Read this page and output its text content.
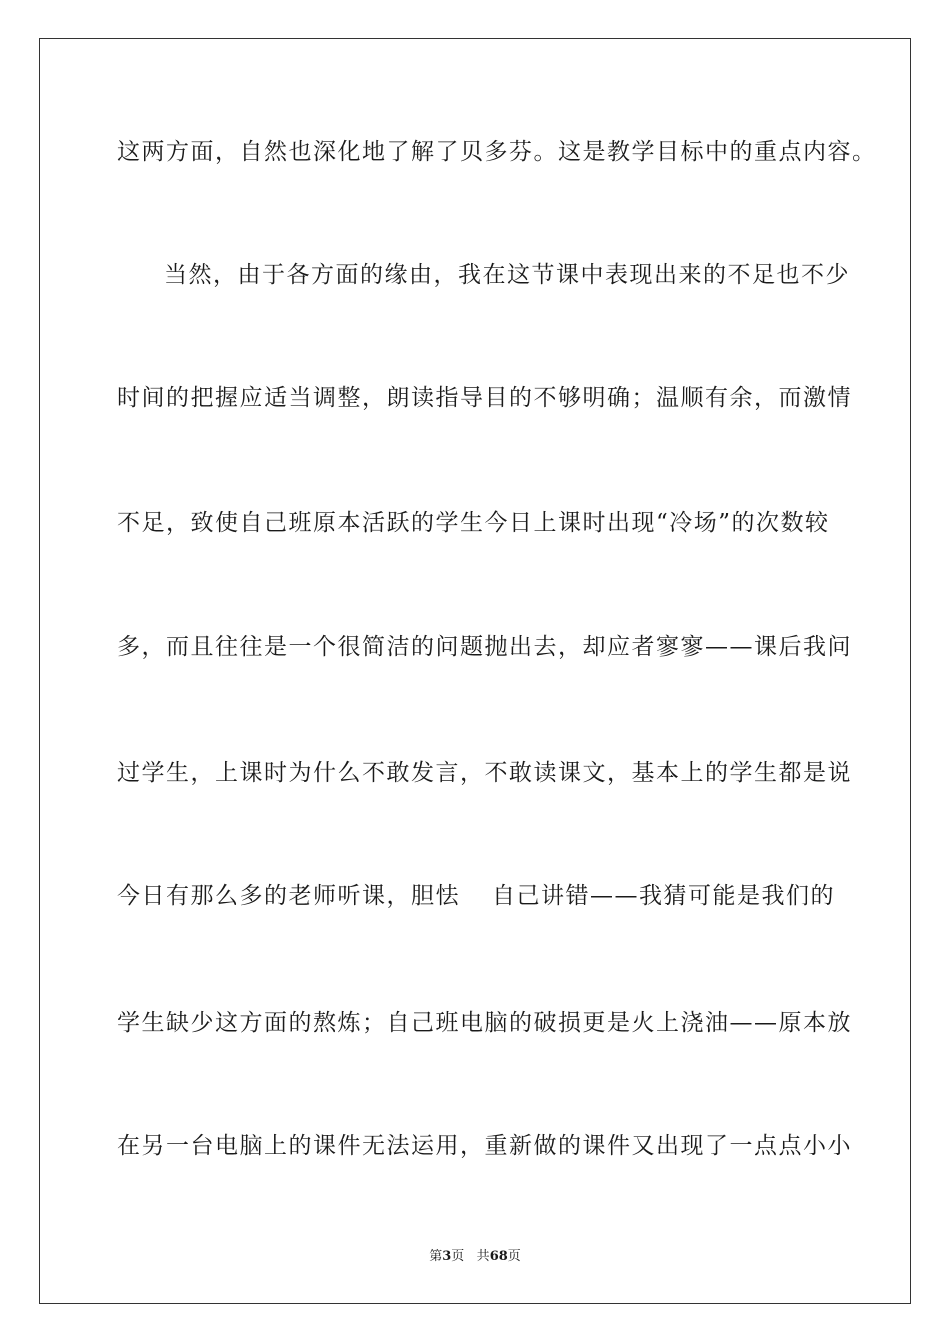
这两方面，自然也深化地了解了贝多芬。这是教学目标中的重点内容。
当然，由于各方面的缘由，我在这节课中表现出来的不足也不少
时间的把握应适当调整，朗读指导目的不够明确；温顺有余，而激情
不足，致使自己班原本活跃的学生今日上课时出现“冷场”的次数较
多，而且往往是一个很简洁的问题抛出去，却应者寥寥——课后我问
过学生，上课时为什么不敢发言，不敢读课文，基本上的学生都是说
今日有那么多的老师听课，胆怯 自己讲错——我猜可能是我们的
学生缺少这方面的熬炼；自己班电脑的破损更是火上浇油——原本放
在另一台电脑上的课件无法运用，重新做的课件又出现了一点点小小
第3页 共68页
